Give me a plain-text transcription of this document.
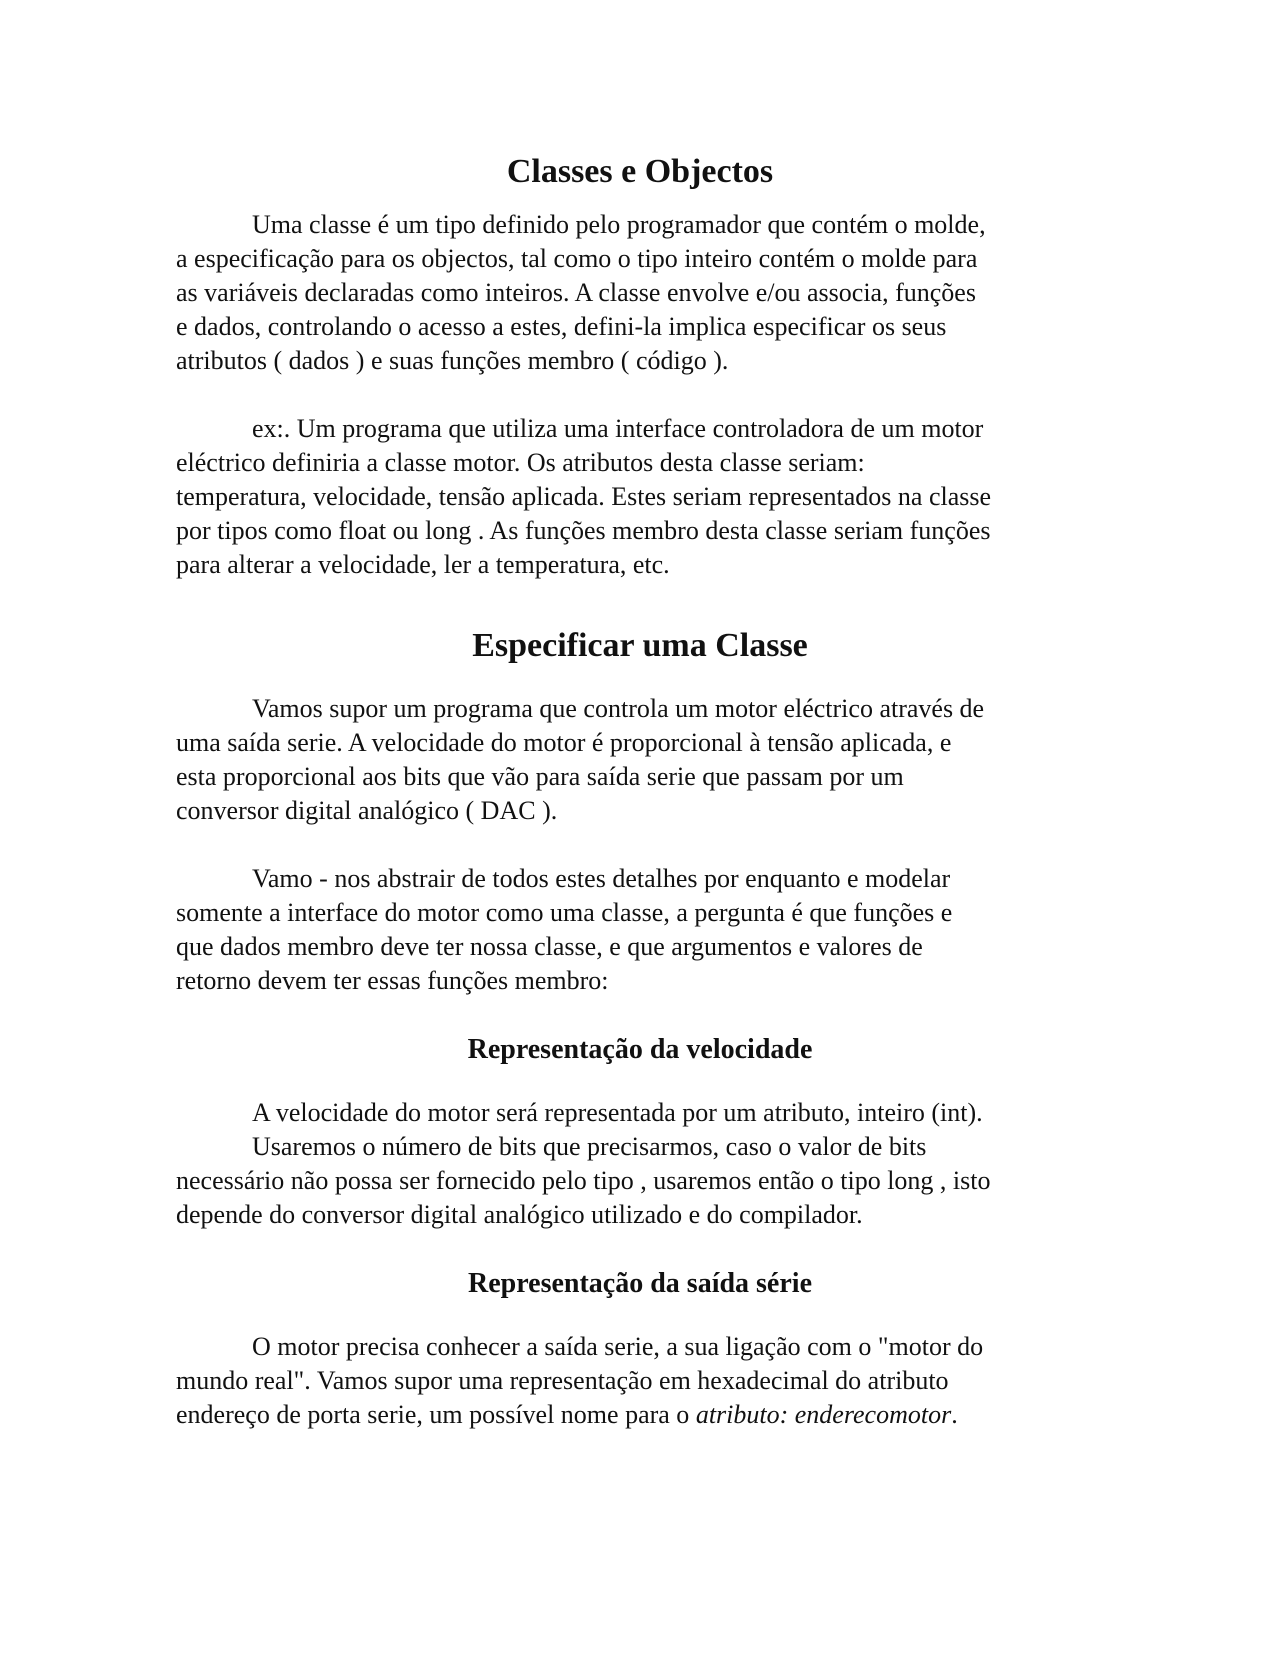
Classes e Objectos
Uma classe é um tipo definido pelo programador que contém o molde,
a especificação para os objectos, tal como o tipo inteiro contém o molde para
as variáveis declaradas como inteiros. A classe envolve e/ou associa, funções
e dados, controlando o acesso a estes, defini-la implica especificar os seus
atributos ( dados ) e suas funções membro ( código ).
ex:. Um programa que utiliza uma interface controladora de um motor
eléctrico definiria a classe motor. Os atributos desta classe seriam:
temperatura, velocidade, tensão aplicada. Estes seriam representados na classe
por tipos como float ou long . As funções membro desta classe seriam funções
para alterar a velocidade, ler a temperatura, etc.
Especificar uma Classe
Vamos supor um programa que controla um motor eléctrico através de
uma saída serie. A velocidade do motor é proporcional à tensão aplicada, e
esta proporcional aos bits que vão para saída serie que passam por um
conversor digital analógico ( DAC ).
Vamo - nos abstrair de todos estes detalhes por enquanto e modelar
somente a interface do motor como uma classe, a pergunta é que funções e
que dados membro deve ter nossa classe, e que argumentos e valores de
retorno devem ter essas funções membro:
Representação da velocidade
A velocidade do motor será representada por um atributo, inteiro (int).
Usaremos o número de bits que precisarmos, caso o valor de bits
necessário não possa ser fornecido pelo tipo , usaremos então o tipo long , isto
depende do conversor digital analógico utilizado e do compilador.
Representação da saída série
O motor precisa conhecer a saída serie, a sua ligação com o "motor do
mundo real". Vamos supor uma representação em hexadecimal do atributo
endereço de porta serie, um possível nome para o atributo: enderecomotor.
